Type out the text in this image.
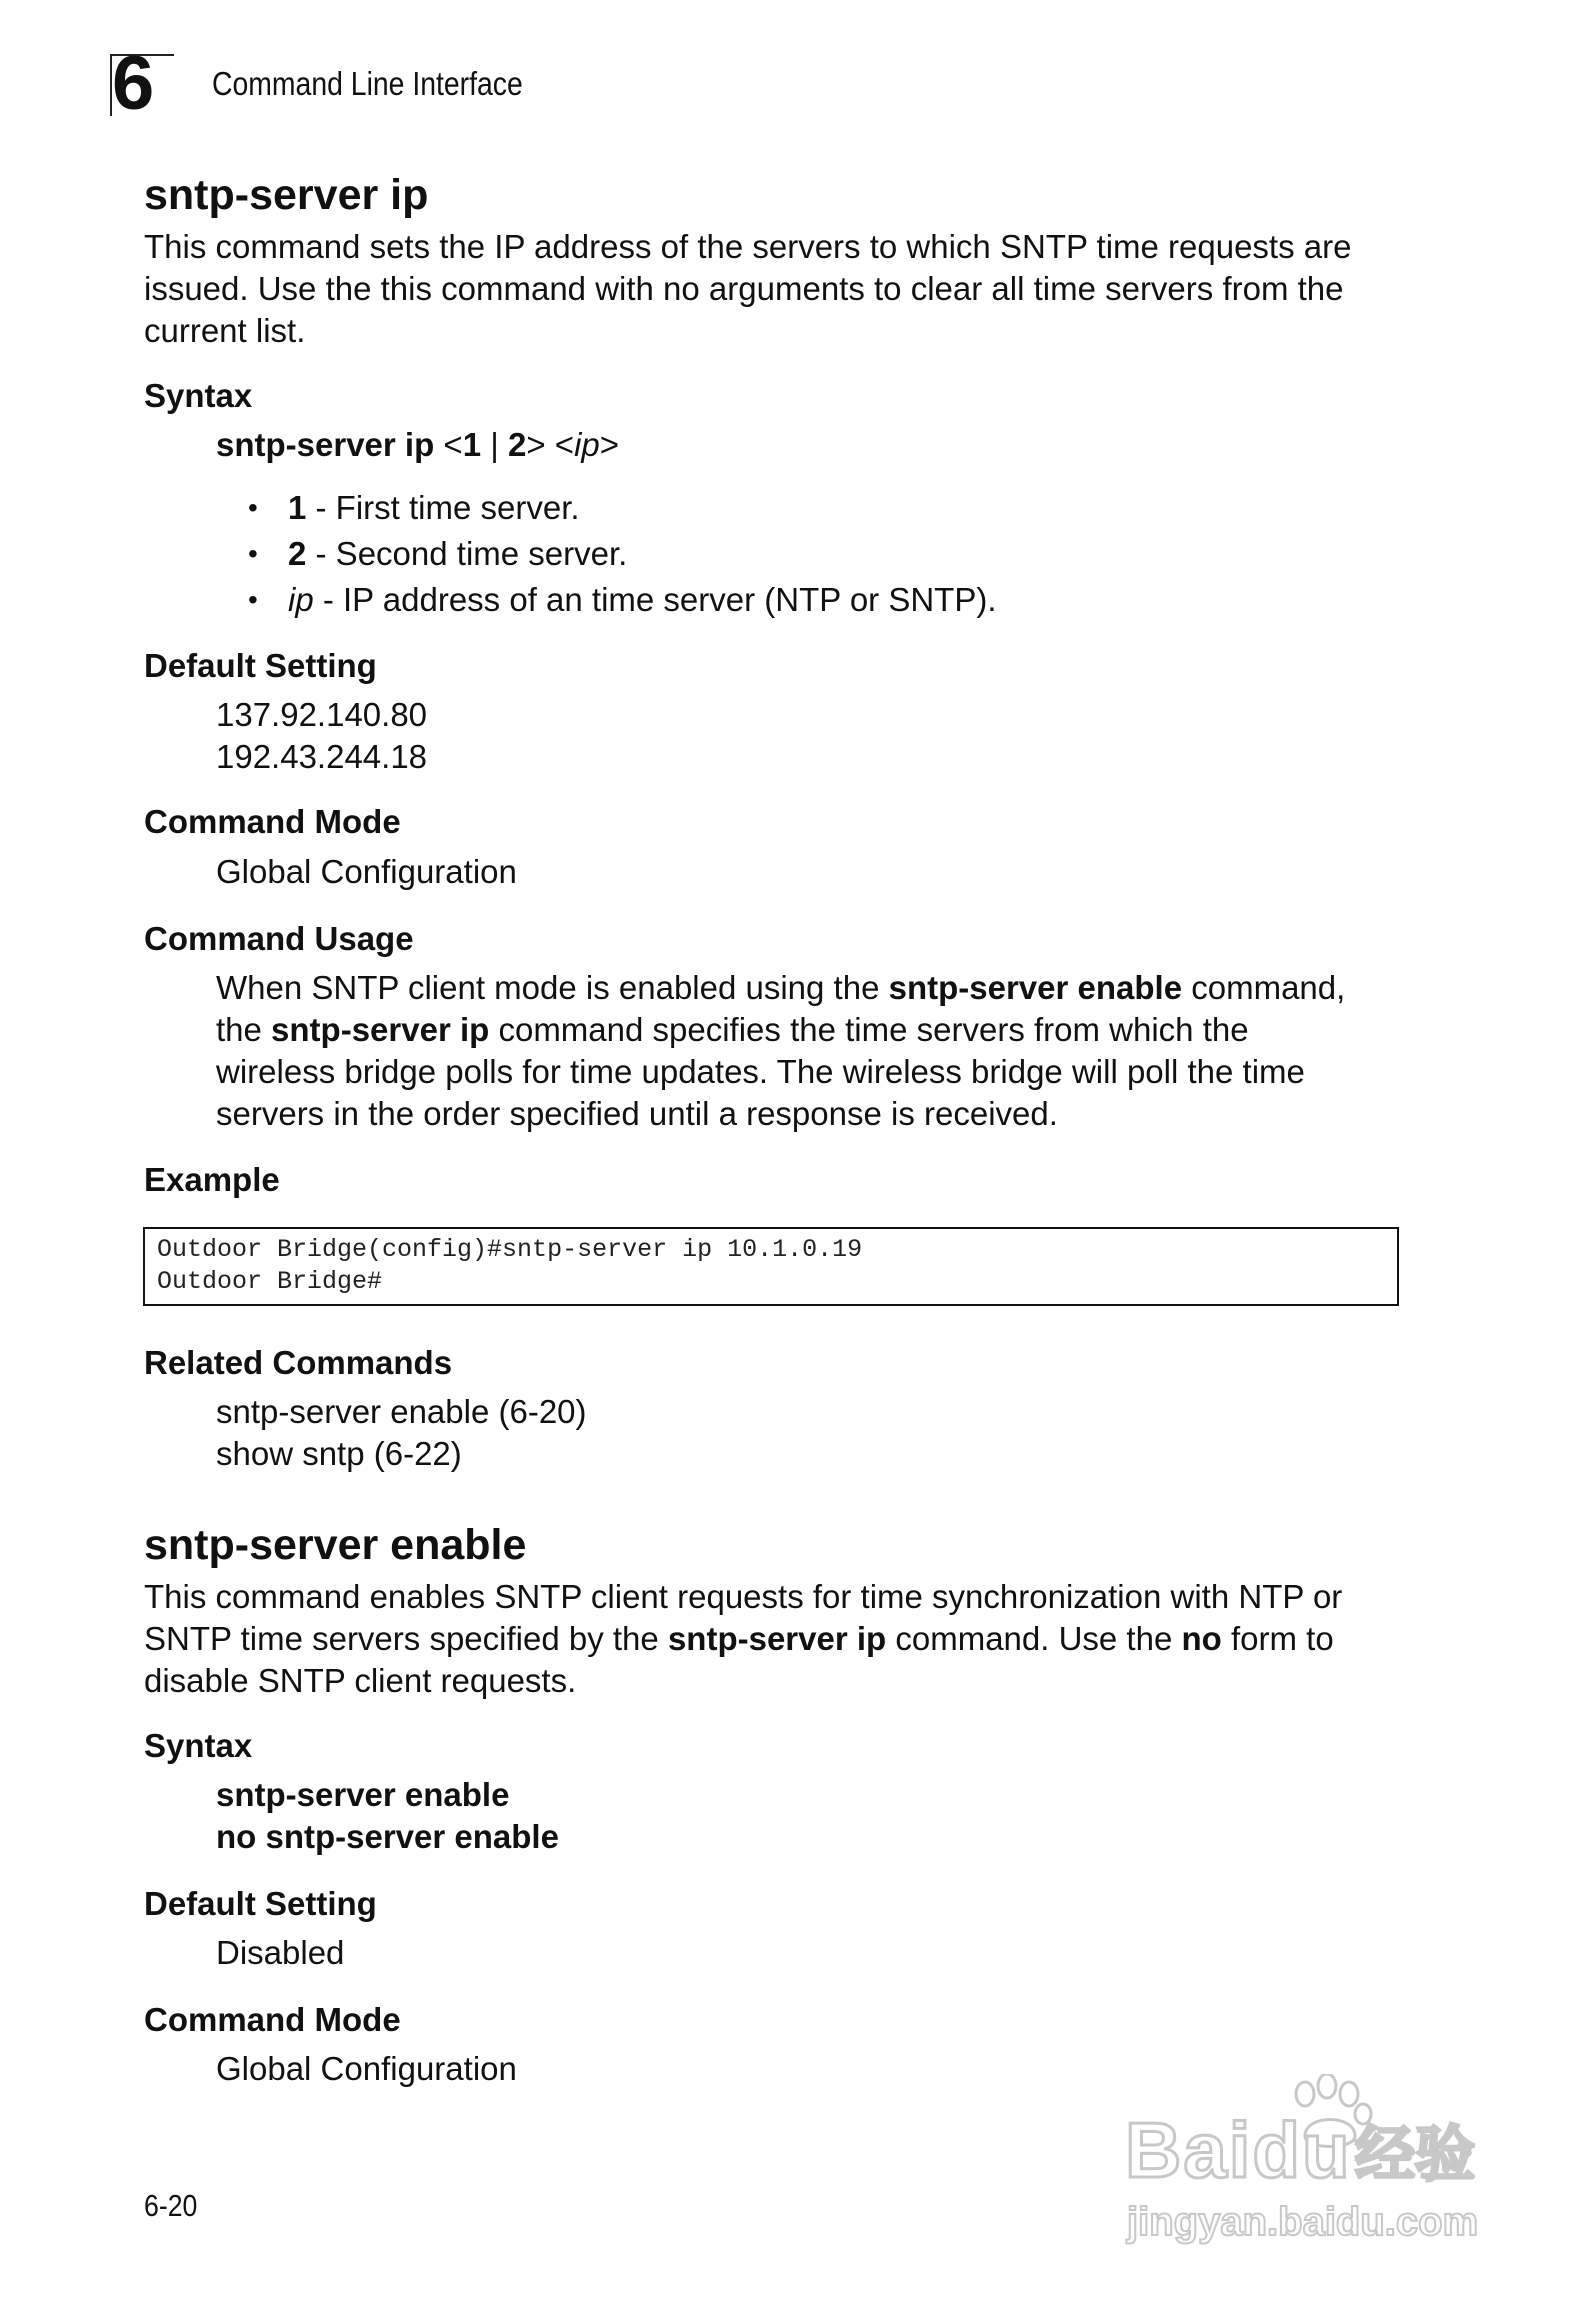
6 Command Line Interface
sntp-server ip
This command sets the IP address of the servers to which SNTP time requests are
issued. Use the this command with no arguments to clear all time servers from the
current list.
Syntax
sntp-server ip <1 | 2> <ip>
• 1 - First time server.
• 2 - Second time server.
• ip - IP address of an time server (NTP or SNTP).
Default Setting
137.92.140.80
192.43.244.18
Command Mode
Global Configuration
Command Usage
When SNTP client mode is enabled using the sntp-server enable command,
the sntp-server ip command specifies the time servers from which the
wireless bridge polls for time updates. The wireless bridge will poll the time
servers in the order specified until a response is received.
Example
Outdoor Bridge(config)#sntp-server ip 10.1.0.19
Outdoor Bridge#
Related Commands
sntp-server enable (6-20)
show sntp (6-22)
sntp-server enable
This command enables SNTP client requests for time synchronization with NTP or
SNTP time servers specified by the sntp-server ip command. Use the no form to
disable SNTP client requests.
Syntax
sntp-server enable
no sntp-server enable
Default Setting
Disabled
Command Mode
Global Configuration
6-20
Baidu 经验
jingyan.baidu.com
